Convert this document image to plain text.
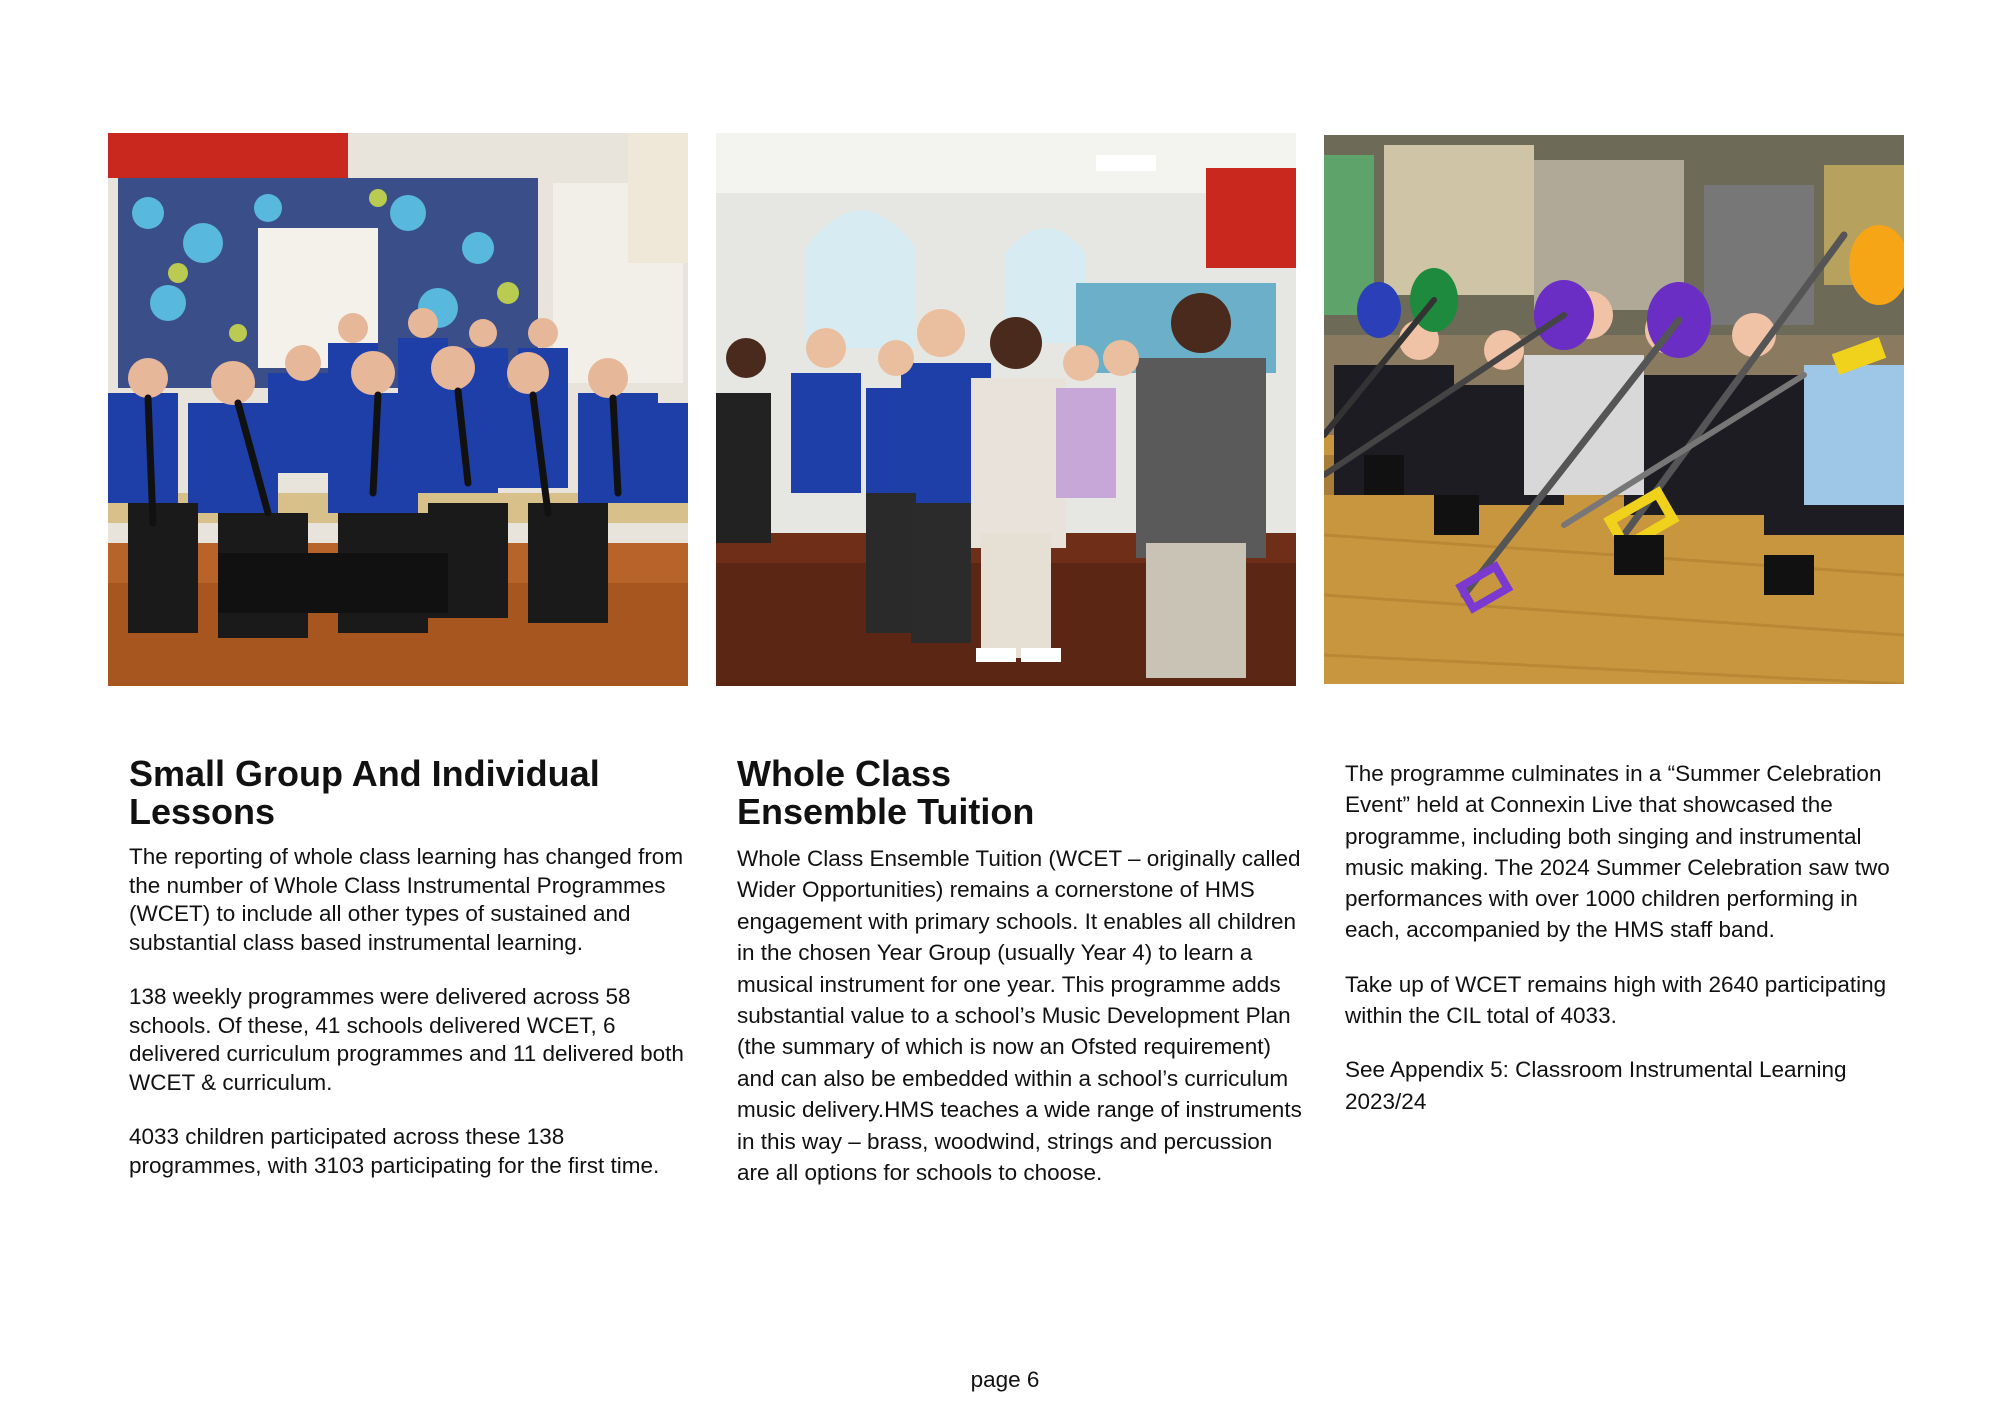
Small Group And Individual
Lessons

The reporting of whole class learning has changed from the number of Whole Class Instrumental Programmes (WCET) to include all other types of sustained and substantial class based instrumental learning.

138 weekly programmes were delivered across 58 schools. Of these, 41 schools delivered WCET, 6 delivered curriculum programmes and 11 delivered both WCET & curriculum.

4033 children participated across these 138 programmes, with 3103 participating for the first time.

Whole Class
Ensemble Tuition

Whole Class Ensemble Tuition (WCET – originally called Wider Opportunities) remains a cornerstone of HMS engagement with primary schools. It enables all children in the chosen Year Group (usually Year 4) to learn a musical instrument for one year. This programme adds substantial value to a school’s Music Development Plan (the summary of which is now an Ofsted requirement) and can also be embedded within a school’s curriculum music delivery.HMS teaches a wide range of instruments in this way – brass, woodwind, strings and percussion are all options for schools to choose.

The programme culminates in a “Summer Celebration Event” held at Connexin Live that showcased the programme, including both singing and instrumental music making. The 2024 Summer Celebration saw two performances with over 1000 children performing in each, accompanied by the HMS staff band.

Take up of WCET remains high with 2640 participating within the CIL total of 4033.

See Appendix 5: Classroom Instrumental Learning 2023/24

page 6
